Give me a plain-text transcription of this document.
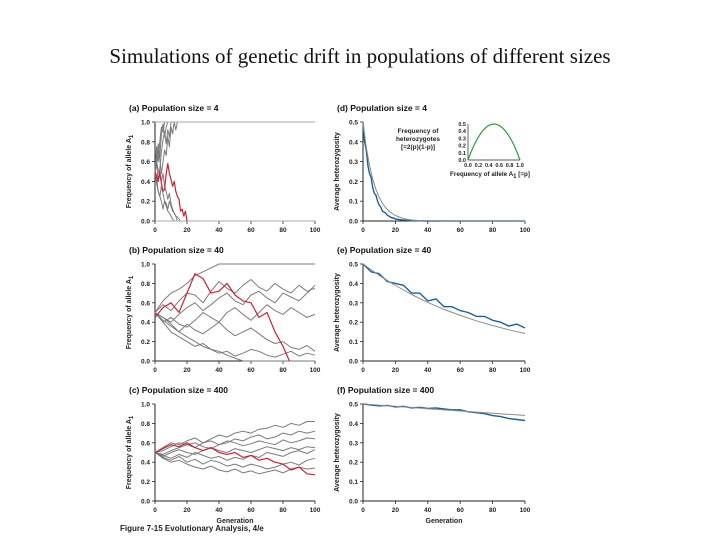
Simulations of genetic drift in populations of different sizes
(a) Population size = 4
0.0
0.2
0.4
0.6
0.8
1.0
0	20	40	60	80	100
Frequency of allele A1
(d) Population size = 4
0.0
0.1
0.2
0.3
0.4
0.5
0	20	40	60	80	100
Average heterozygosity	0.0
0.1
0.2
0.3
0.4
0.5
0.0 0.2 0.4 0.6 0.8 1.0
Frequency of
heterozygotes
[=2(p)(1-p)]
Frequency of allele A1 [=p]
(b) Population size = 40
0.0
0.2
0.4
0.6
0.8
1.0
0	20	40	60	80	100
Frequency of allele A1
(e) Population size = 40
0.0
0.1
0.2
0.3
0.4
0.5
0	20	40	60	80	100
Average heterozygosity
(c) Population size = 400
0.0
0.2
0.4
0.6
0.8
1.0
0	20	40	60	80	100
Frequency of allele A1
Generation
(f) Population size = 400
0.0
0.1
0.2
0.3
0.4
0.5
0	20	40	60	80	100
Average heterozygosity
Generation
Figure 7-15 Evolutionary Analysis, 4/e
